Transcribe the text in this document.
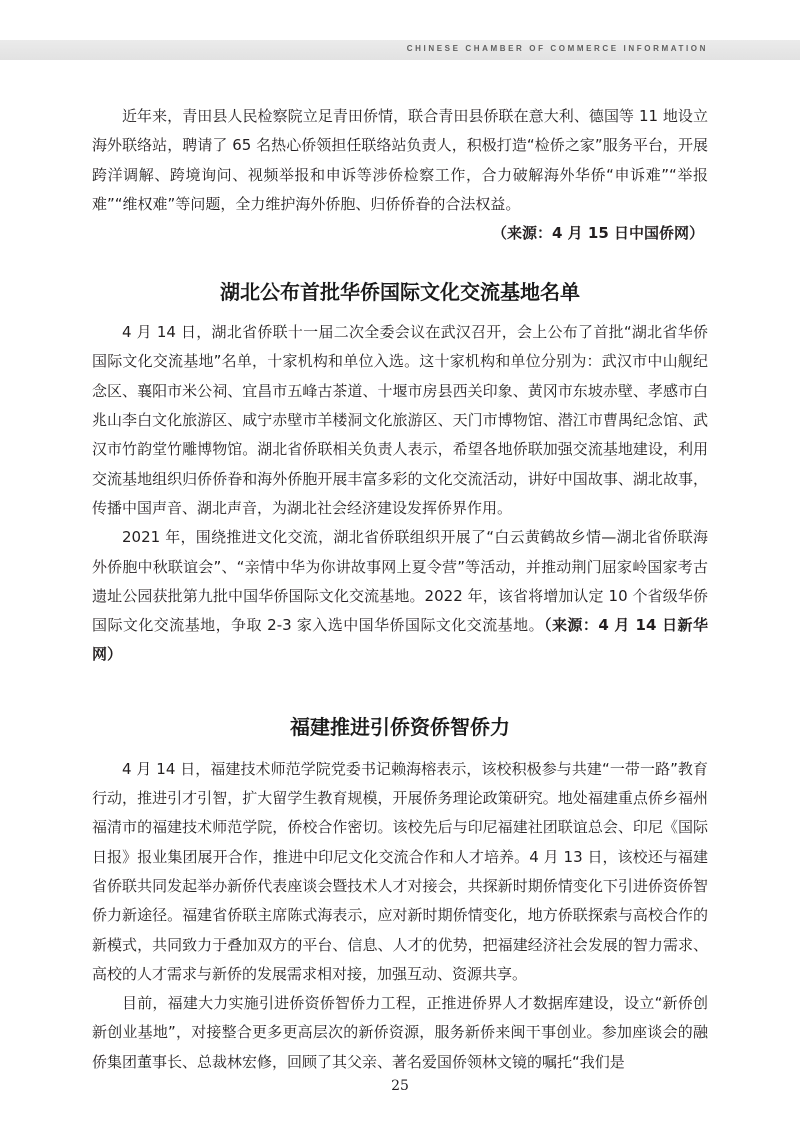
CHINESE CHAMBER OF COMMERCE INFORMATION

近年来，青田县人民检察院立足青田侨情，联合青田县侨联在意大利、德国等 11 地设立海外联络站，聘请了 65 名热心侨领担任联络站负责人，积极打造“检侨之家”服务平台，开展跨洋调解、跨境询问、视频举报和申诉等涉侨检察工作，合力破解海外华侨“申诉难”“举报难”“维权难”等问题，全力维护海外侨胞、归侨侨眷的合法权益。

（来源：4 月 15 日中国侨网）

湖北公布首批华侨国际文化交流基地名单

4 月 14 日，湖北省侨联十一届二次全委会议在武汉召开，会上公布了首批“湖北省华侨国际文化交流基地”名单，十家机构和单位入选。这十家机构和单位分别为：武汉市中山舰纪念区、襄阳市米公祠、宜昌市五峰古茶道、十堰市房县西关印象、黄冈市东坡赤壁、孝感市白兆山李白文化旅游区、咸宁赤壁市羊楼洞文化旅游区、天门市博物馆、潜江市曹禺纪念馆、武汉市竹韵堂竹雕博物馆。湖北省侨联相关负责人表示，希望各地侨联加强交流基地建设，利用交流基地组织归侨侨眷和海外侨胞开展丰富多彩的文化交流活动，讲好中国故事、湖北故事，传播中国声音、湖北声音，为湖北社会经济建设发挥侨界作用。

2021 年，围绕推进文化交流，湖北省侨联组织开展了“白云黄鹤故乡情—湖北省侨联海外侨胞中秋联谊会”、“亲情中华为你讲故事网上夏令营”等活动，并推动荆门屈家岭国家考古遗址公园获批第九批中国华侨国际文化交流基地。2022 年，该省将增加认定 10 个省级华侨国际文化交流基地，争取 2-3 家入选中国华侨国际文化交流基地。（来源：4 月 14 日新华网）

福建推进引侨资侨智侨力

4 月 14 日，福建技术师范学院党委书记赖海榕表示，该校积极参与共建“一带一路”教育行动，推进引才引智，扩大留学生教育规模，开展侨务理论政策研究。地处福建重点侨乡福州福清市的福建技术师范学院，侨校合作密切。该校先后与印尼福建社团联谊总会、印尼《国际日报》报业集团展开合作，推进中印尼文化交流合作和人才培养。4 月 13 日，该校还与福建省侨联共同发起举办新侨代表座谈会暨技术人才对接会，共探新时期侨情变化下引进侨资侨智侨力新途径。福建省侨联主席陈式海表示，应对新时期侨情变化，地方侨联探索与高校合作的新模式，共同致力于叠加双方的平台、信息、人才的优势，把福建经济社会发展的智力需求、高校的人才需求与新侨的发展需求相对接，加强互动、资源共享。

目前，福建大力实施引进侨资侨智侨力工程，正推进侨界人才数据库建设，设立“新侨创新创业基地”，对接整合更多更高层次的新侨资源，服务新侨来闽干事创业。参加座谈会的融侨集团董事长、总裁林宏修，回顾了其父亲、著名爱国侨领林文镜的嘱托“我们是

25
